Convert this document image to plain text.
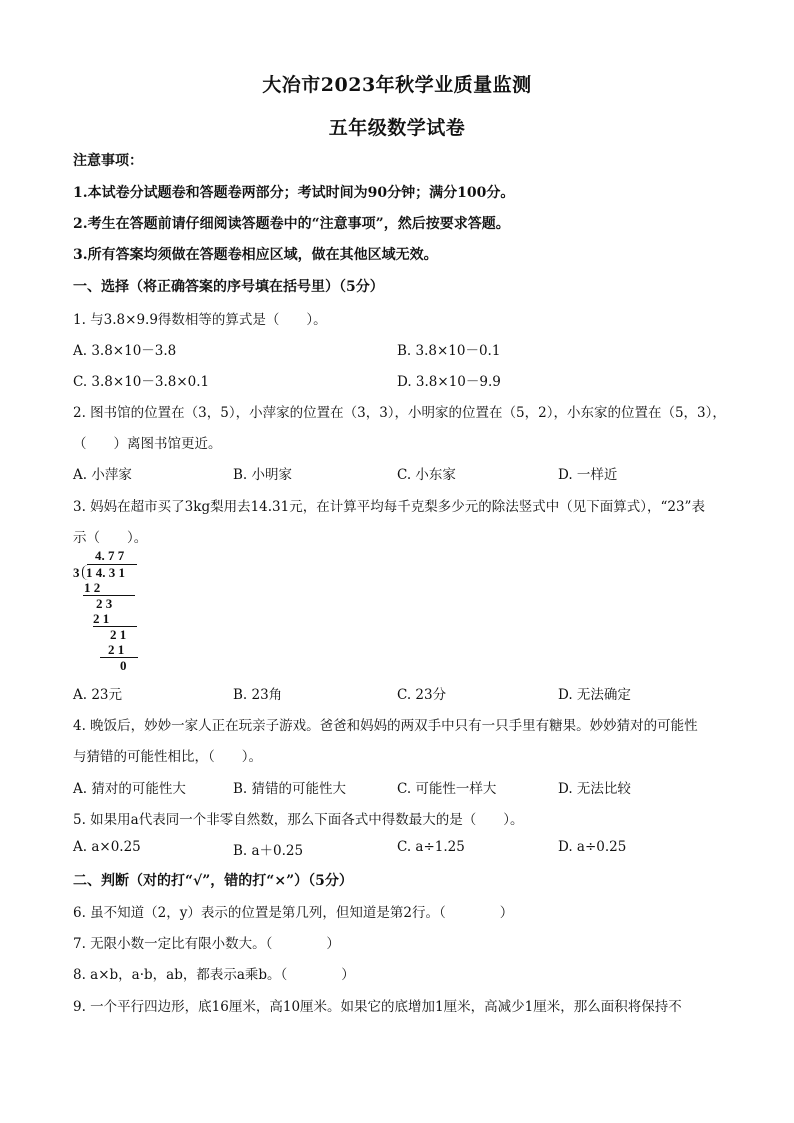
大冶市2023年秋学业质量监测
五年级数学试卷
注意事项：
1.本试卷分试题卷和答题卷两部分；考试时间为90分钟；满分100分。
2.考生在答题前请仔细阅读答题卷中的“注意事项”，然后按要求答题。
3.所有答案均须做在答题卷相应区域，做在其他区域无效。
一、选择（将正确答案的序号填在括号里）（5分）
1. 与3.8×9.9得数相等的算式是（　　）。
A. 3.8×10－3.8	B. 3.8×10－0.1
C. 3.8×10－3.8×0.1	D. 3.8×10－9.9
2. 图书馆的位置在（3，5），小萍家的位置在（3，3），小明家的位置在（5，2），小东家的位置在（5，3），
（　　）离图书馆更近。
A. 小萍家	B. 小明家	C. 小东家	D. 一样近
3. 妈妈在超市买了3kg梨用去14.31元，在计算平均每千克梨多少元的除法竖式中（见下面算式），“23”表
示（　　）。
4. 7 7
3 1 4. 3 1
1 2
2 3
2 1
2 1
2 1
0
A. 23元	B. 23角	C. 23分	D. 无法确定
4. 晚饭后，妙妙一家人正在玩亲子游戏。爸爸和妈妈的两双手中只有一只手里有糖果。妙妙猜对的可能性
与猜错的可能性相比，（　　）。
A. 猜对的可能性大	B. 猜错的可能性大	C. 可能性一样大	D. 无法比较
5. 如果用a代表同一个非零自然数，那么下面各式中得数最大的是（　　）。
A. a×0.25	B. a＋0.25	C. a÷1.25	D. a÷0.25
二、判断（对的打“√”，错的打“×”）（5分）
6. 虽不知道（2，y）表示的位置是第几列，但知道是第2行。（　　　　）
7. 无限小数一定比有限小数大。（　　　　）
8. a×b，a·b，ab，都表示a乘b。（　　　　）
9. 一个平行四边形，底16厘米，高10厘米。如果它的底增加1厘米，高减少1厘米，那么面积将保持不
